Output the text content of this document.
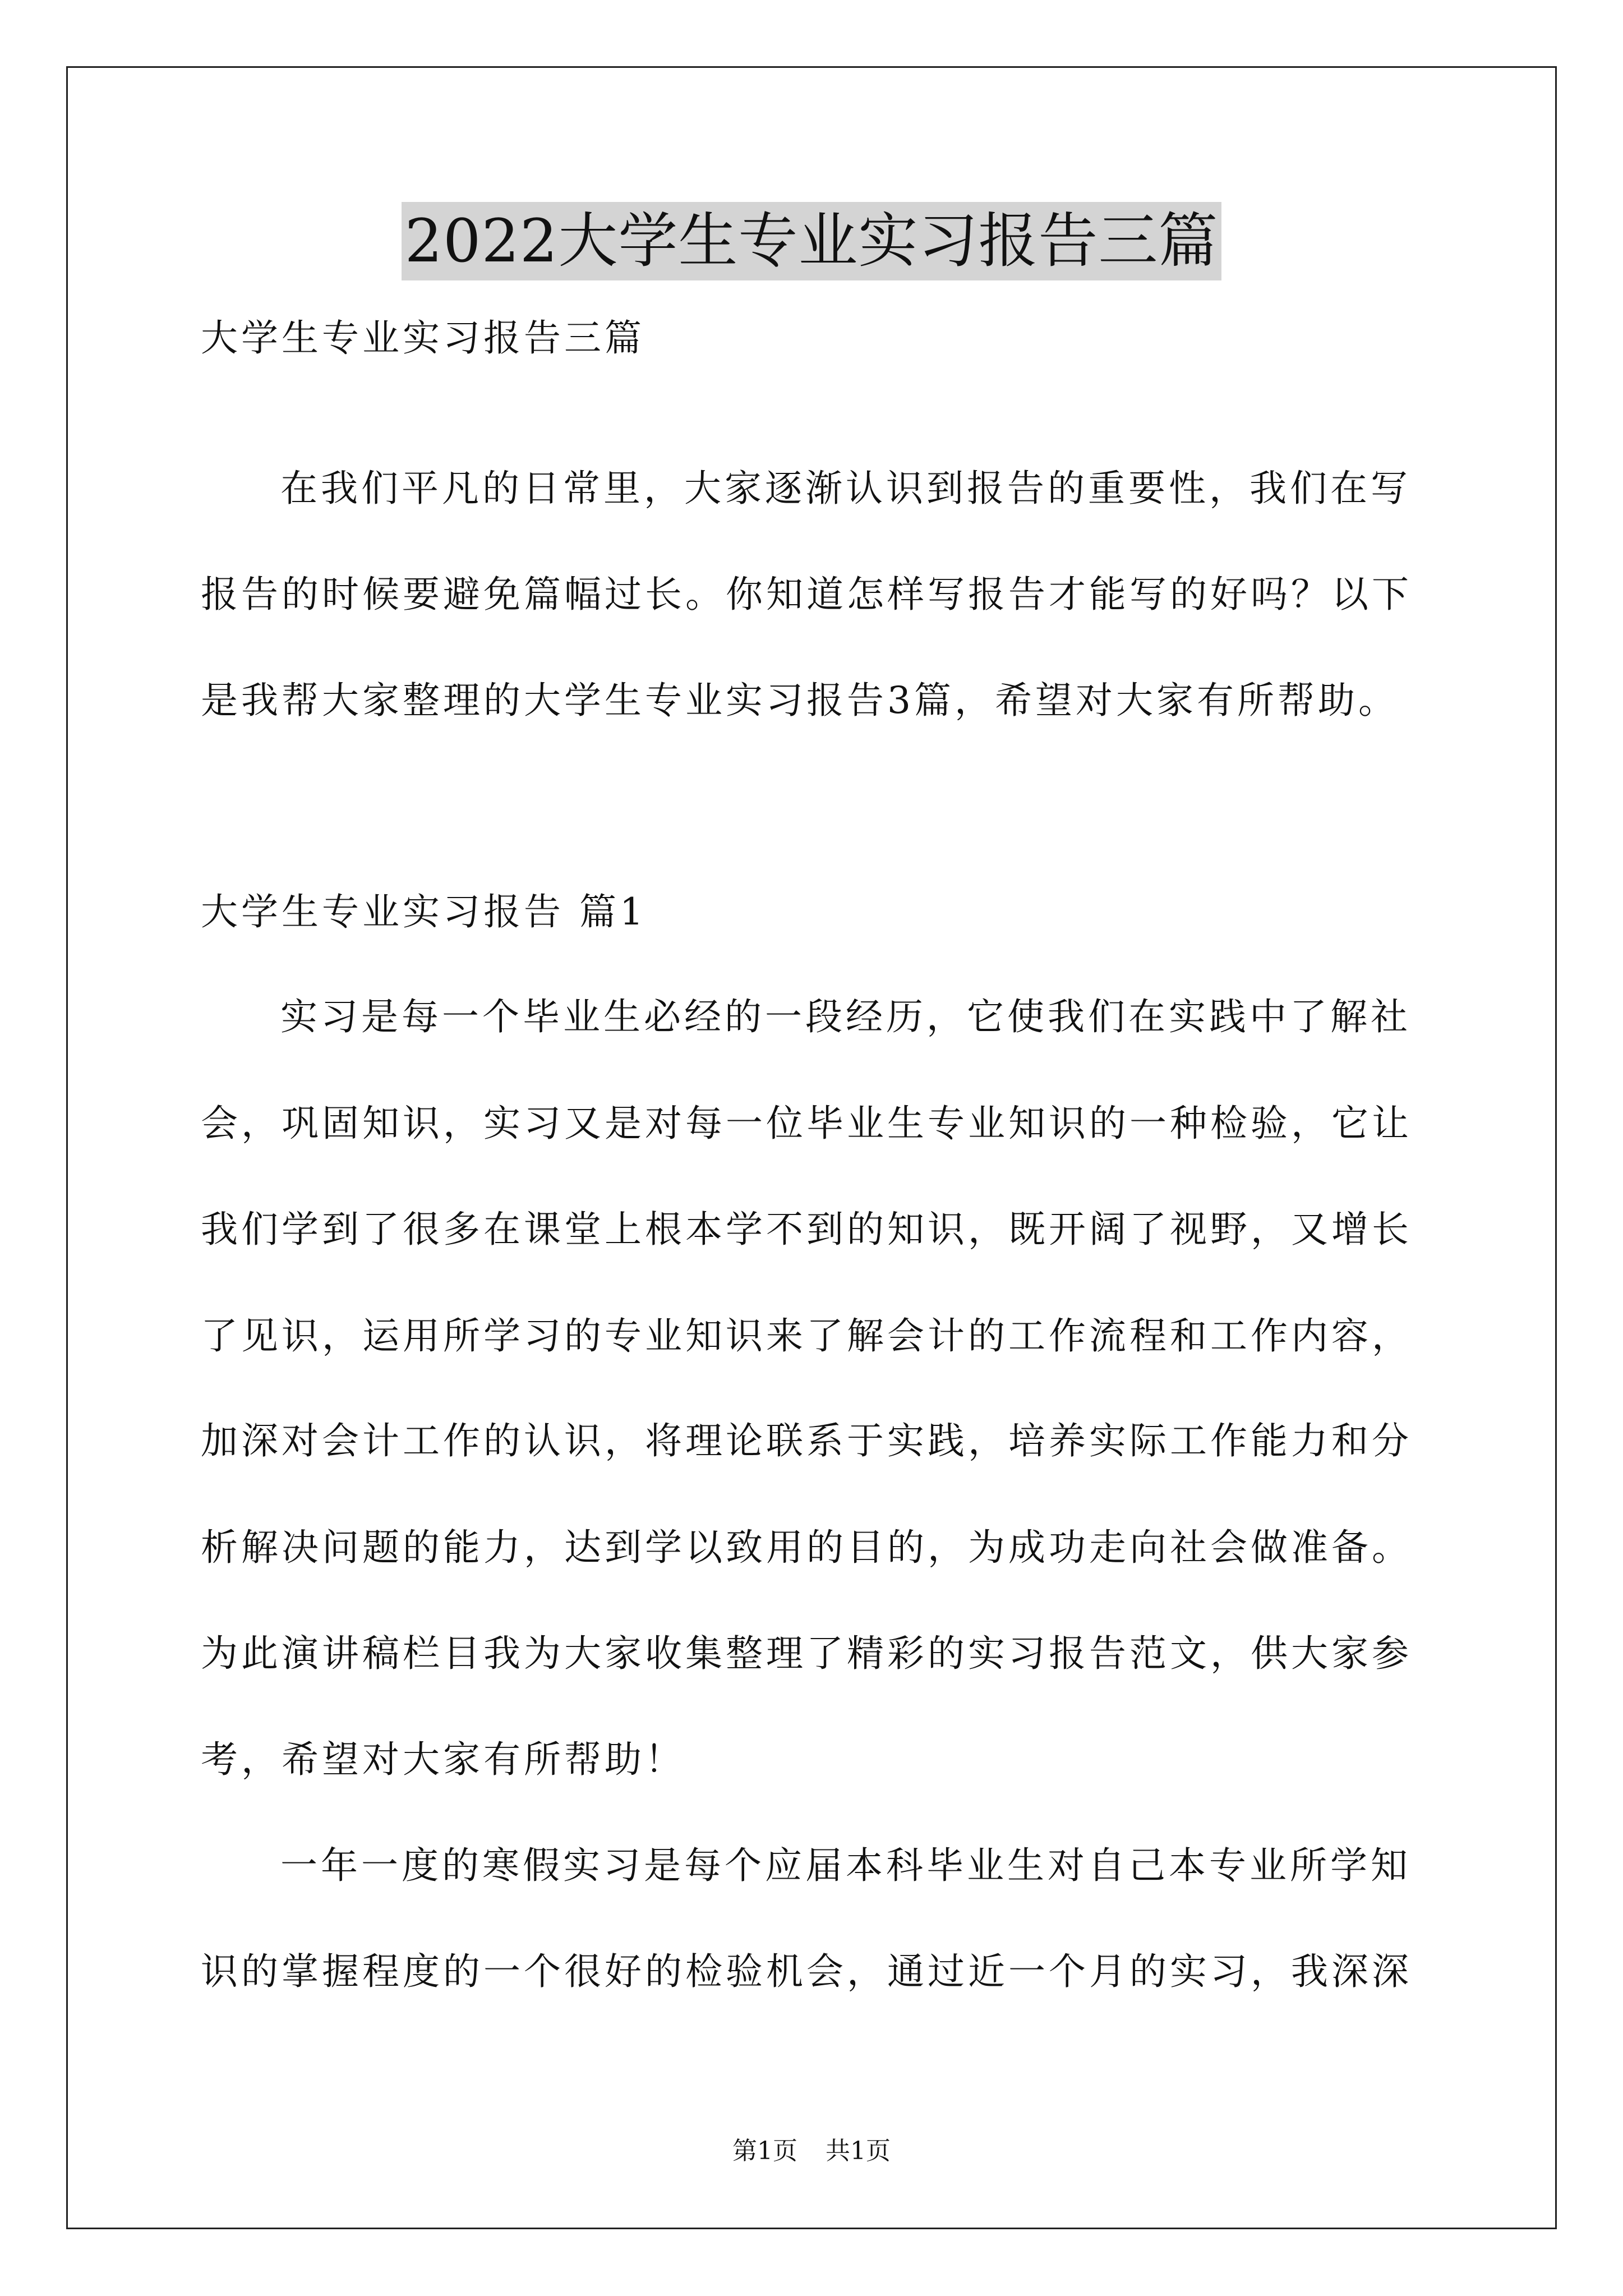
2022大学生专业实习报告三篇

大学生专业实习报告三篇

在我们平凡的日常里，大家逐渐认识到报告的重要性，我们在写

报告的时候要避免篇幅过长。你知道怎样写报告才能写的好吗？以下

是我帮大家整理的大学生专业实习报告3篇，希望对大家有所帮助。

大学生专业实习报告 篇1

实习是每一个毕业生必经的一段经历，它使我们在实践中了解社

会，巩固知识，实习又是对每一位毕业生专业知识的一种检验，它让

我们学到了很多在课堂上根本学不到的知识，既开阔了视野，又增长

了见识，运用所学习的专业知识来了解会计的工作流程和工作内容，

加深对会计工作的认识，将理论联系于实践，培养实际工作能力和分

析解决问题的能力，达到学以致用的目的，为成功走向社会做准备。

为此演讲稿栏目我为大家收集整理了精彩的实习报告范文，供大家参

考，希望对大家有所帮助！

一年一度的寒假实习是每个应届本科毕业生对自己本专业所学知

识的掌握程度的一个很好的检验机会，通过近一个月的实习，我深深

第1页 共1页
